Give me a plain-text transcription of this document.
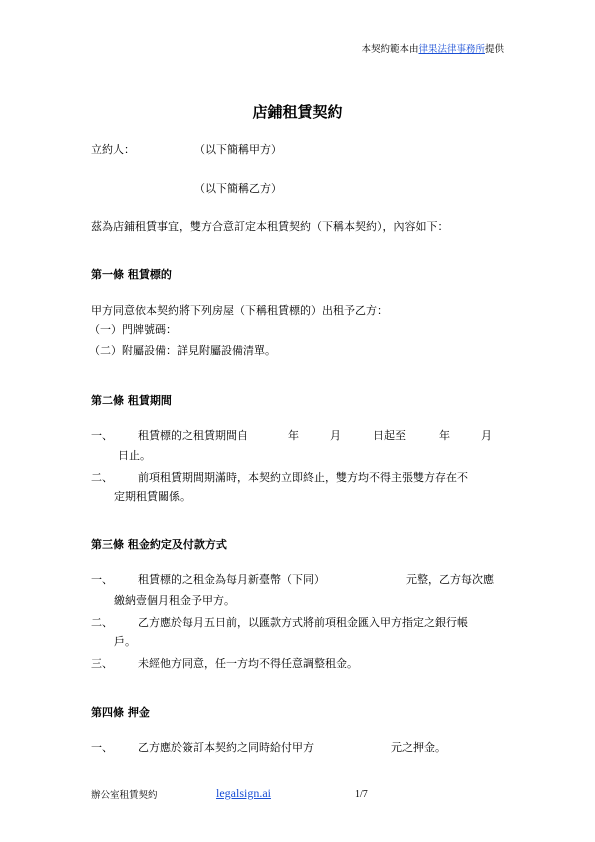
本契約範本由律果法律事務所提供
店鋪租賃契約
立約人：	（以下簡稱甲方）
（以下簡稱乙方）
茲為店鋪租賃事宜，雙方合意訂定本租賃契約（下稱本契約），內容如下：
第一條 租賃標的
甲方同意依本契約將下列房屋（下稱租賃標的）出租予乙方：
（一）門牌號碼：
（二）附屬設備：詳見附屬設備清單。
第二條 租賃期間
一、 租賃標的之租賃期間自	年	月	日起至	年	月
日止。
二、 前項租賃期間期滿時，本契約立即終止，雙方均不得主張雙方存在不
定期租賃關係。
第三條 租金約定及付款方式
一、 租賃標的之租金為每月新臺幣（下同）	元整，乙方每次應
繳納壹個月租金予甲方。
二、 乙方應於每月五日前，以匯款方式將前項租金匯入甲方指定之銀行帳
戶。
三、 未經他方同意，任一方均不得任意調整租金。
第四條 押金
一、 乙方應於簽訂本契約之同時給付甲方	元之押金。
辦公室租賃契約	legalsign.ai	1/7
